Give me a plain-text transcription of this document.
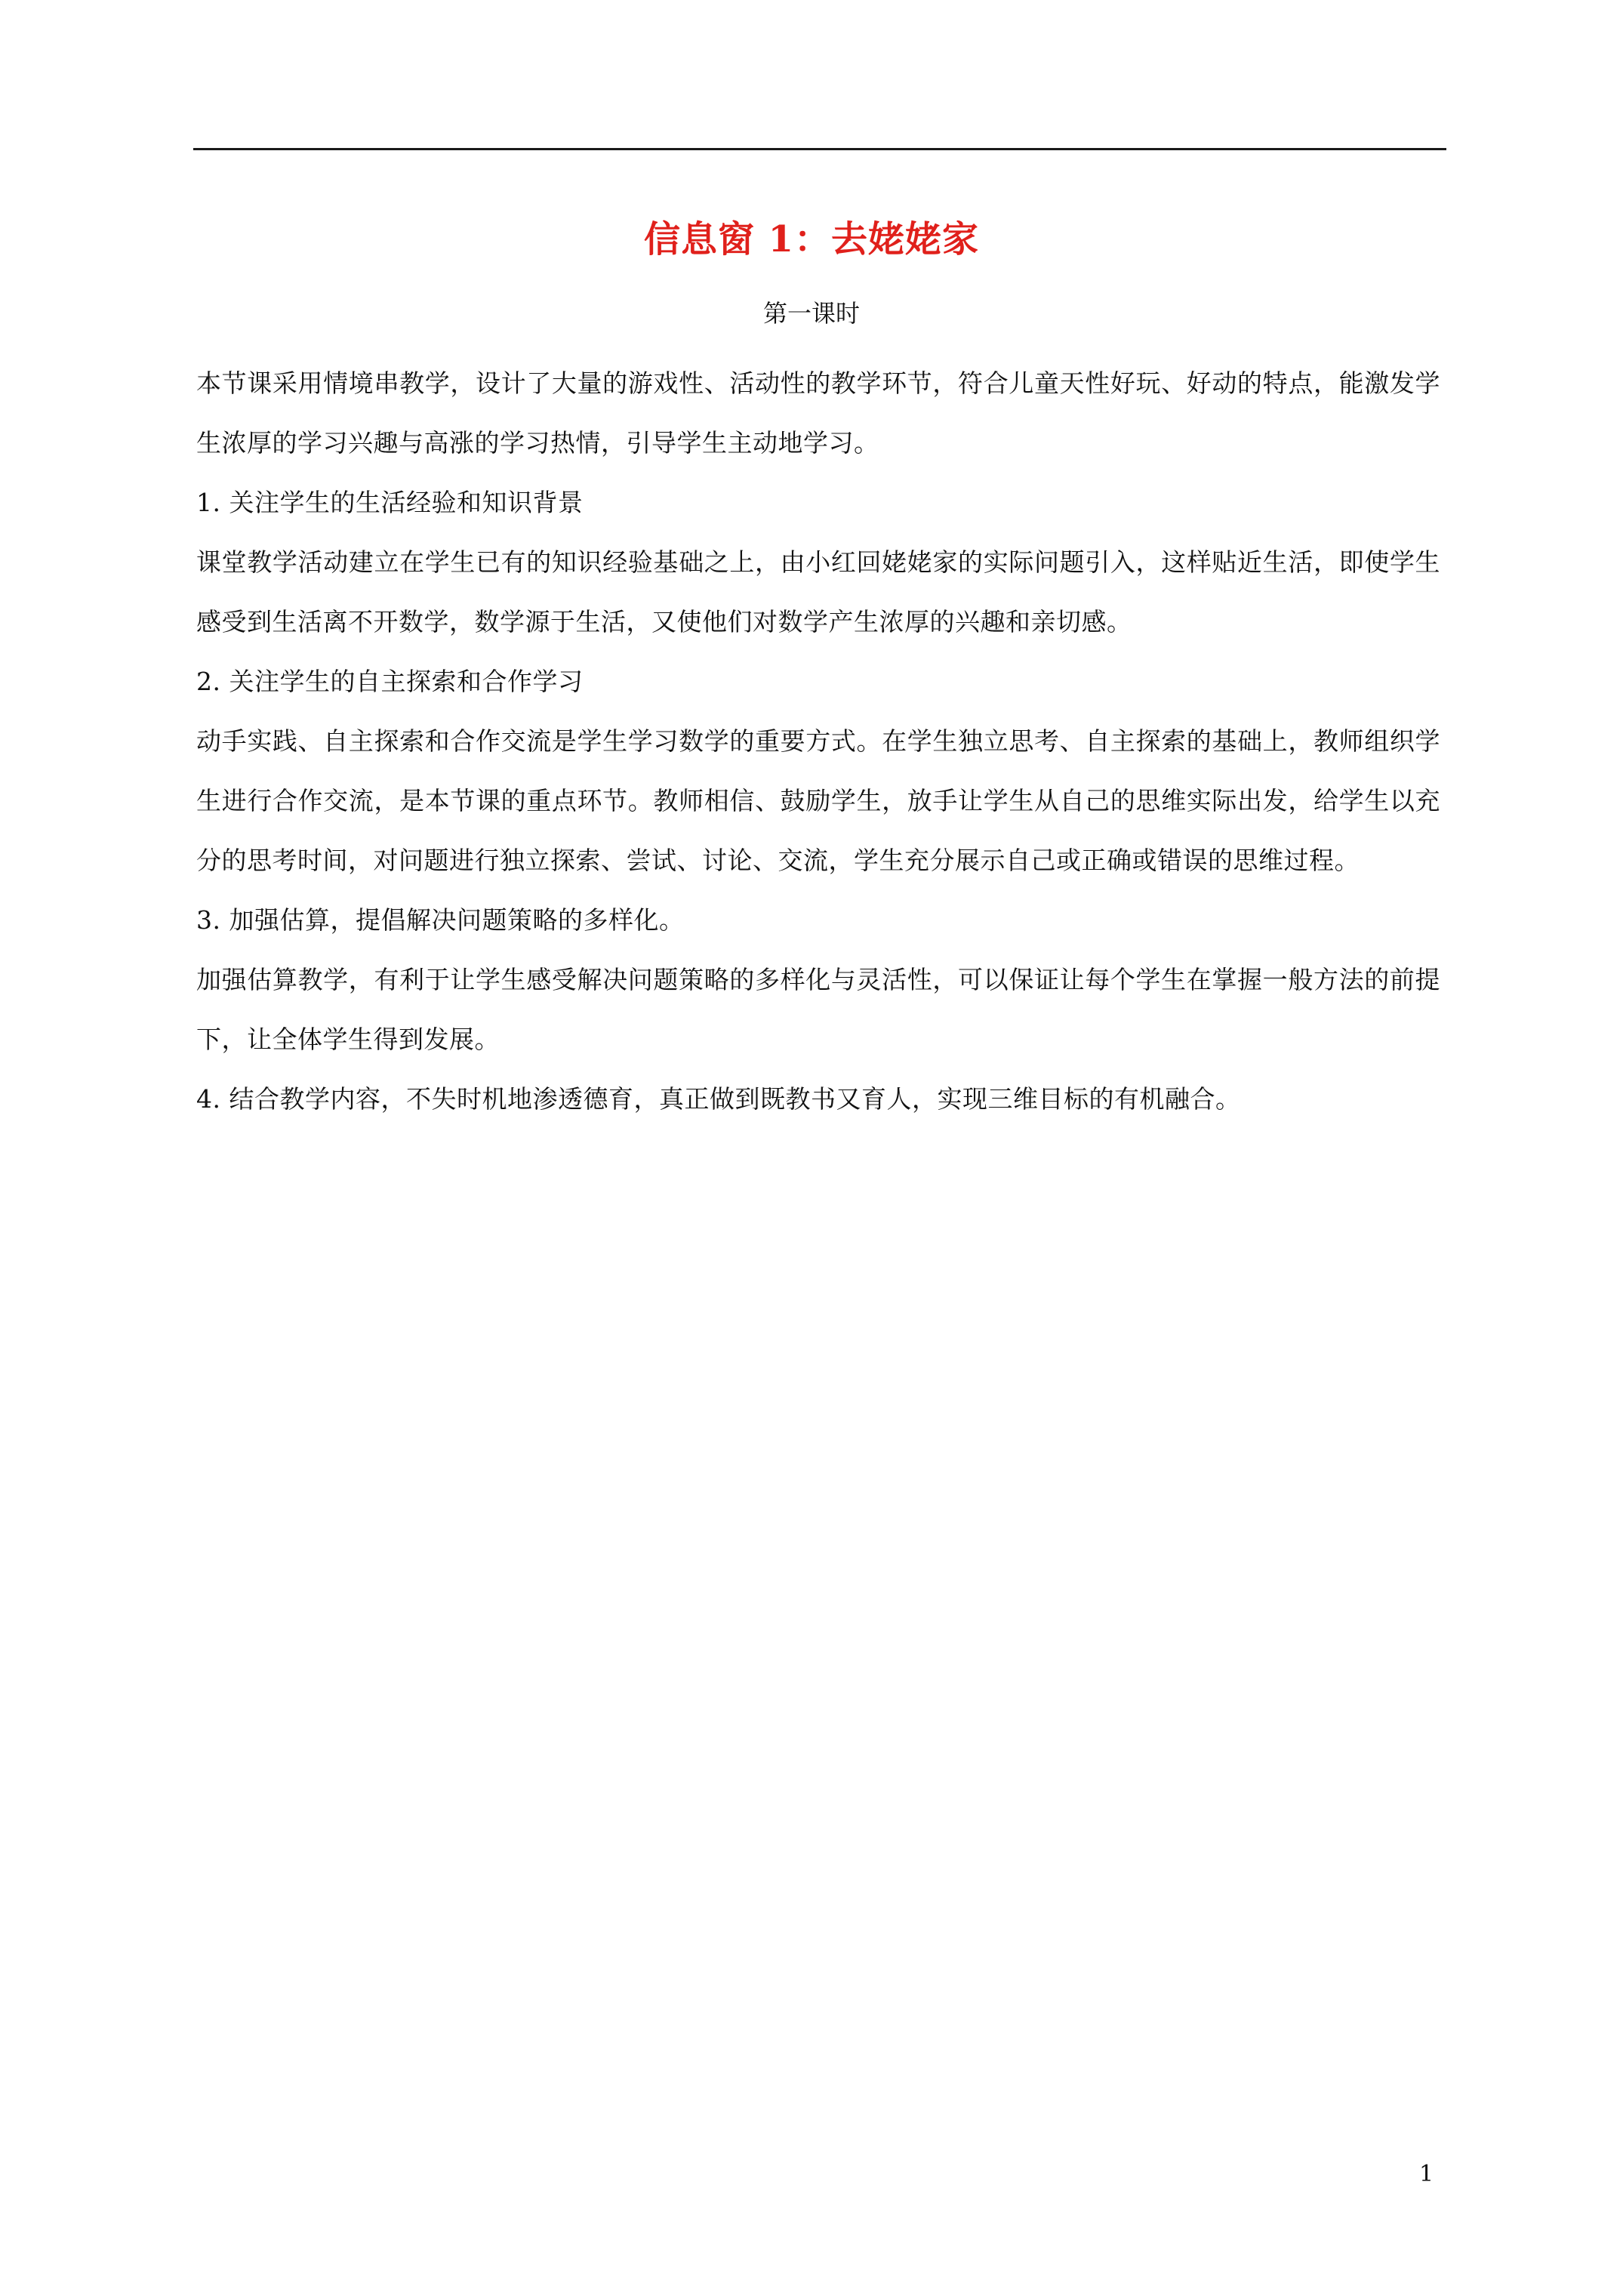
信息窗 1：去姥姥家
第一课时

本节课采用情境串教学，设计了大量的游戏性、活动性的教学环节，符合儿童天性好玩、好动的特点，能激发学生浓厚的学习兴趣与高涨的学习热情，引导学生主动地学习。

1. 关注学生的生活经验和知识背景

课堂教学活动建立在学生已有的知识经验基础之上，由小红回姥姥家的实际问题引入，这样贴近生活，即使学生感受到生活离不开数学，数学源于生活，又使他们对数学产生浓厚的兴趣和亲切感。

2. 关注学生的自主探索和合作学习

动手实践、自主探索和合作交流是学生学习数学的重要方式。在学生独立思考、自主探索的基础上，教师组织学生进行合作交流，是本节课的重点环节。教师相信、鼓励学生，放手让学生从自己的思维实际出发，给学生以充分的思考时间，对问题进行独立探索、尝试、讨论、交流，学生充分展示自己或正确或错误的思维过程。

3. 加强估算，提倡解决问题策略的多样化。

加强估算教学，有利于让学生感受解决问题策略的多样化与灵活性，可以保证让每个学生在掌握一般方法的前提下，让全体学生得到发展。

4. 结合教学内容，不失时机地渗透德育，真正做到既教书又育人，实现三维目标的有机融合。

1
